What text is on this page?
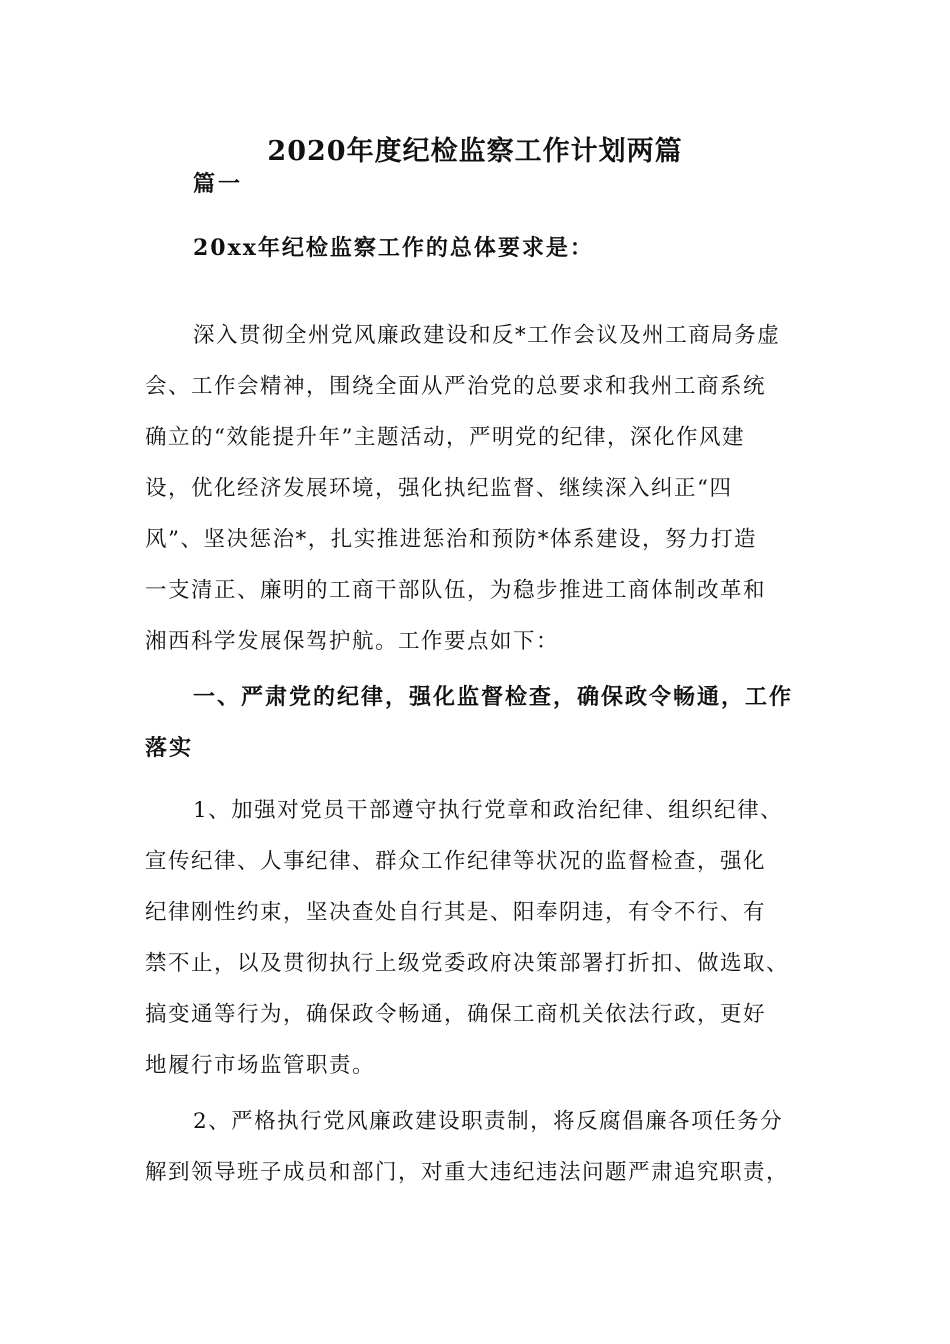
2020年度纪检监察工作计划两篇
篇一
20xx年纪检监察工作的总体要求是：
深入贯彻全州党风廉政建设和反*工作会议及州工商局务虚
会、工作会精神，围绕全面从严治党的总要求和我州工商系统
确立的“效能提升年”主题活动，严明党的纪律，深化作风建
设，优化经济发展环境，强化执纪监督、继续深入纠正“四
风”、坚决惩治*，扎实推进惩治和预防*体系建设，努力打造
一支清正、廉明的工商干部队伍，为稳步推进工商体制改革和
湘西科学发展保驾护航。工作要点如下：
一、严肃党的纪律，强化监督检查，确保政令畅通，工作
落实
1、加强对党员干部遵守执行党章和政治纪律、组织纪律、
宣传纪律、人事纪律、群众工作纪律等状况的监督检查，强化
纪律刚性约束，坚决查处自行其是、阳奉阴违，有令不行、有
禁不止，以及贯彻执行上级党委政府决策部署打折扣、做选取、
搞变通等行为，确保政令畅通，确保工商机关依法行政，更好
地履行市场监管职责。
2、严格执行党风廉政建设职责制，将反腐倡廉各项任务分
解到领导班子成员和部门，对重大违纪违法问题严肃追究职责，
